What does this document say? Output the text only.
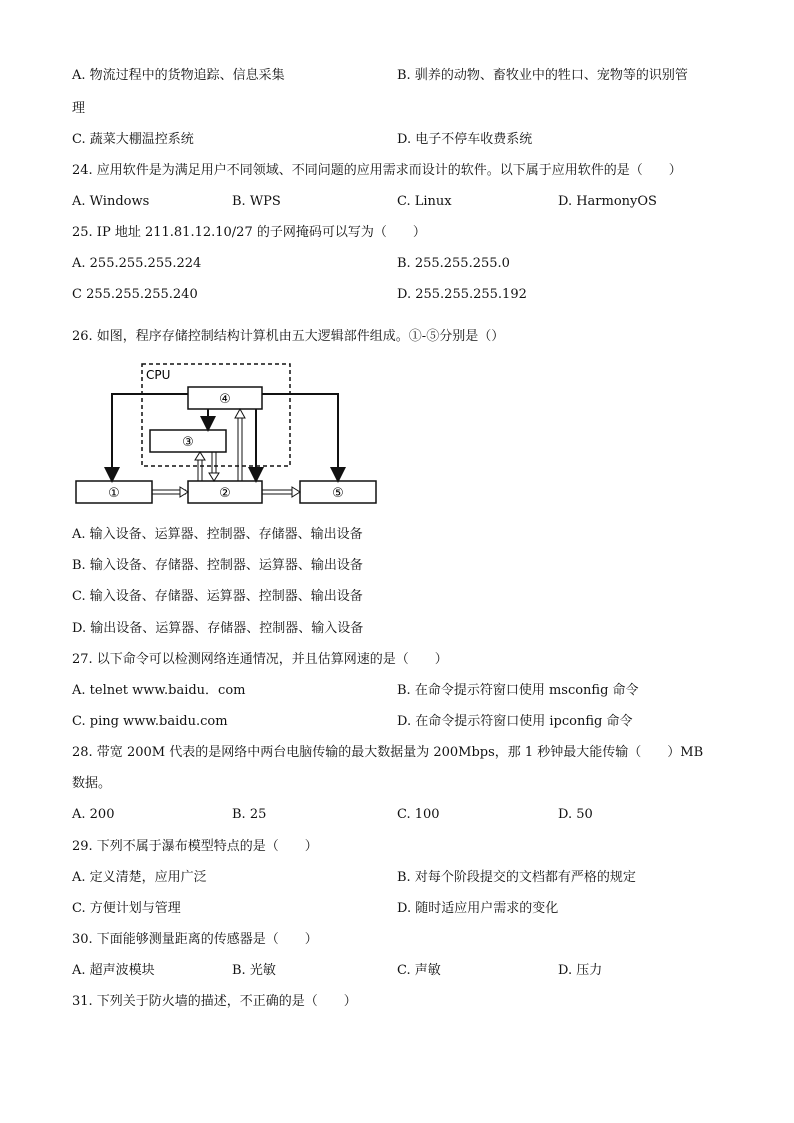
A. 物流过程中的货物追踪、信息采集	B. 驯养的动物、畜牧业中的牲口、宠物等的识别管
理
C. 蔬菜大棚温控系统	D. 电子不停车收费系统
24. 应用软件是为满足用户不同领域、不同问题的应用需求而设计的软件。以下属于应用软件的是（　　）
A. Windows	B. WPS	C. Linux	D. HarmonyOS
25. IP 地址 211.81.12.10/27 的子网掩码可以写为（　　）
A. 255.255.255.224	B. 255.255.255.0
C 255.255.255.240	D. 255.255.255.192
26. 如图，程序存储控制结构计算机由五大逻辑部件组成。①-⑤分别是（）
CPU
④
③
①	②	⑤
A. 输入设备、运算器、控制器、存储器、输出设备
B. 输入设备、存储器、控制器、运算器、输出设备
C. 输入设备、存储器、运算器、控制器、输出设备
D. 输出设备、运算器、存储器、控制器、输入设备
27. 以下命令可以检测网络连通情况，并且估算网速的是（　　）
A. telnet www.baidu．com	B. 在命令提示符窗口使用 msconfig 命令
C. ping www.baidu.com	D. 在命令提示符窗口使用 ipconfig 命令
28. 带宽 200M 代表的是网络中两台电脑传输的最大数据量为 200Mbps，那 1 秒钟最大能传输（　　）MB
数据。
A. 200	B. 25	C. 100	D. 50
29. 下列不属于瀑布模型特点的是（　　）
A. 定义清楚，应用广泛	B. 对每个阶段提交的文档都有严格的规定
C. 方便计划与管理	D. 随时适应用户需求的变化
30. 下面能够测量距离的传感器是（　　）
A. 超声波模块	B. 光敏	C. 声敏	D. 压力
31. 下列关于防火墙的描述，不正确的是（　　）
